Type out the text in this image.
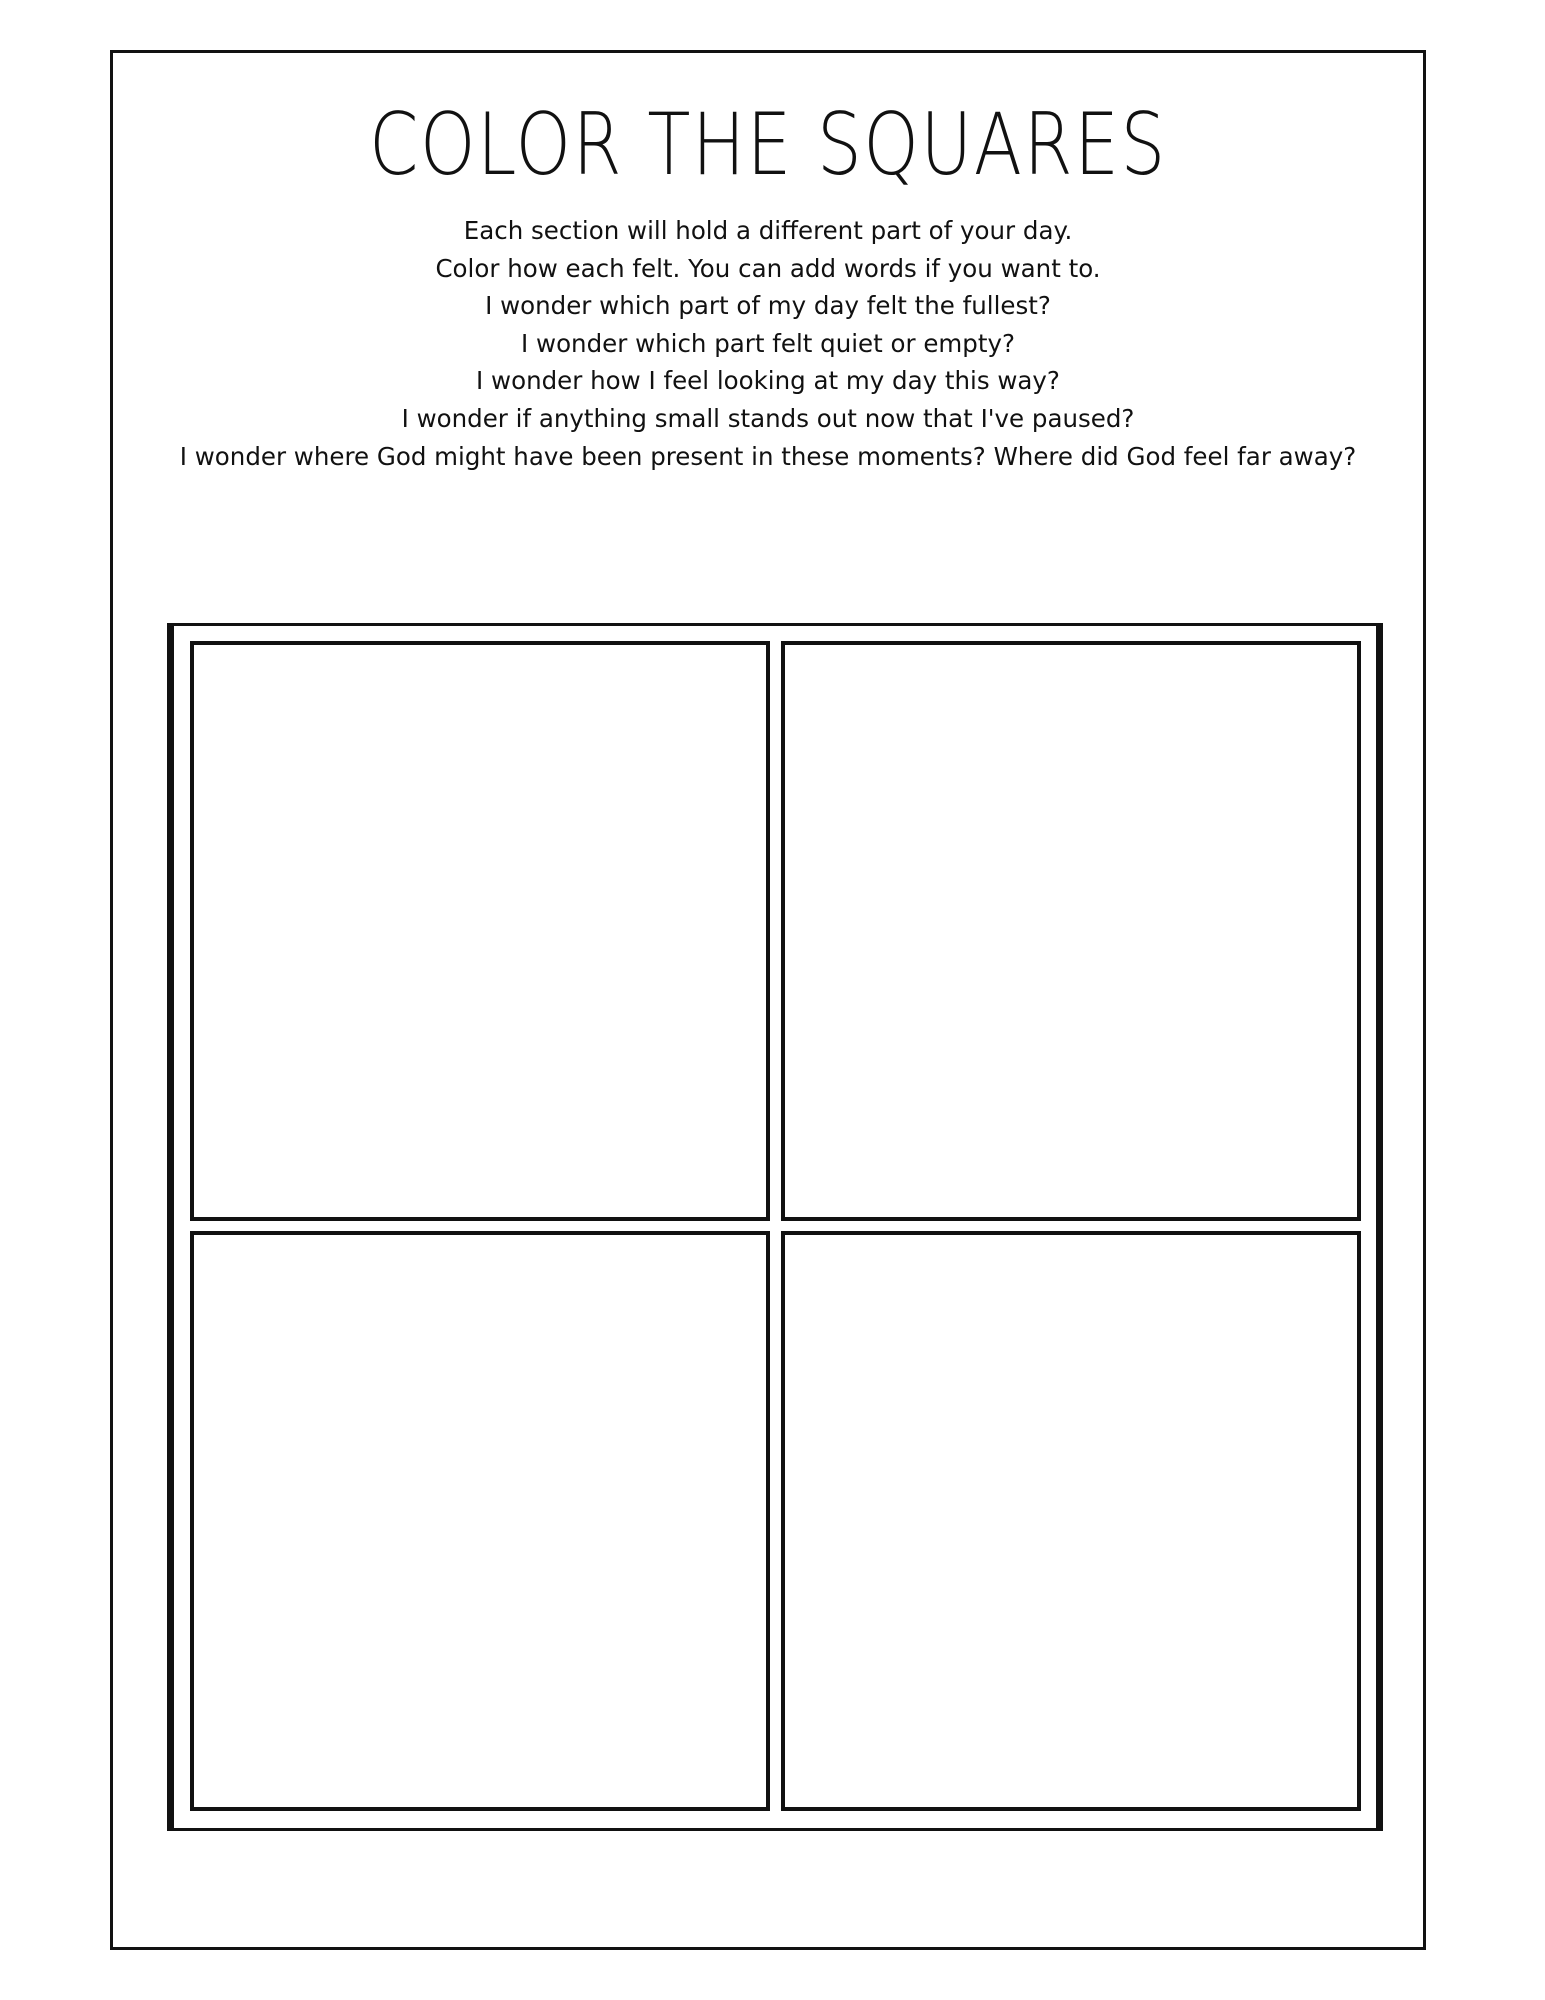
COLOR THE SQUARES
Each section will hold a different part of your day.
Color how each felt. You can add words if you want to.
I wonder which part of my day felt the fullest?
I wonder which part felt quiet or empty?
I wonder how I feel looking at my day this way?
I wonder if anything small stands out now that I've paused?
I wonder where God might have been present in these moments? Where did God feel far away?
